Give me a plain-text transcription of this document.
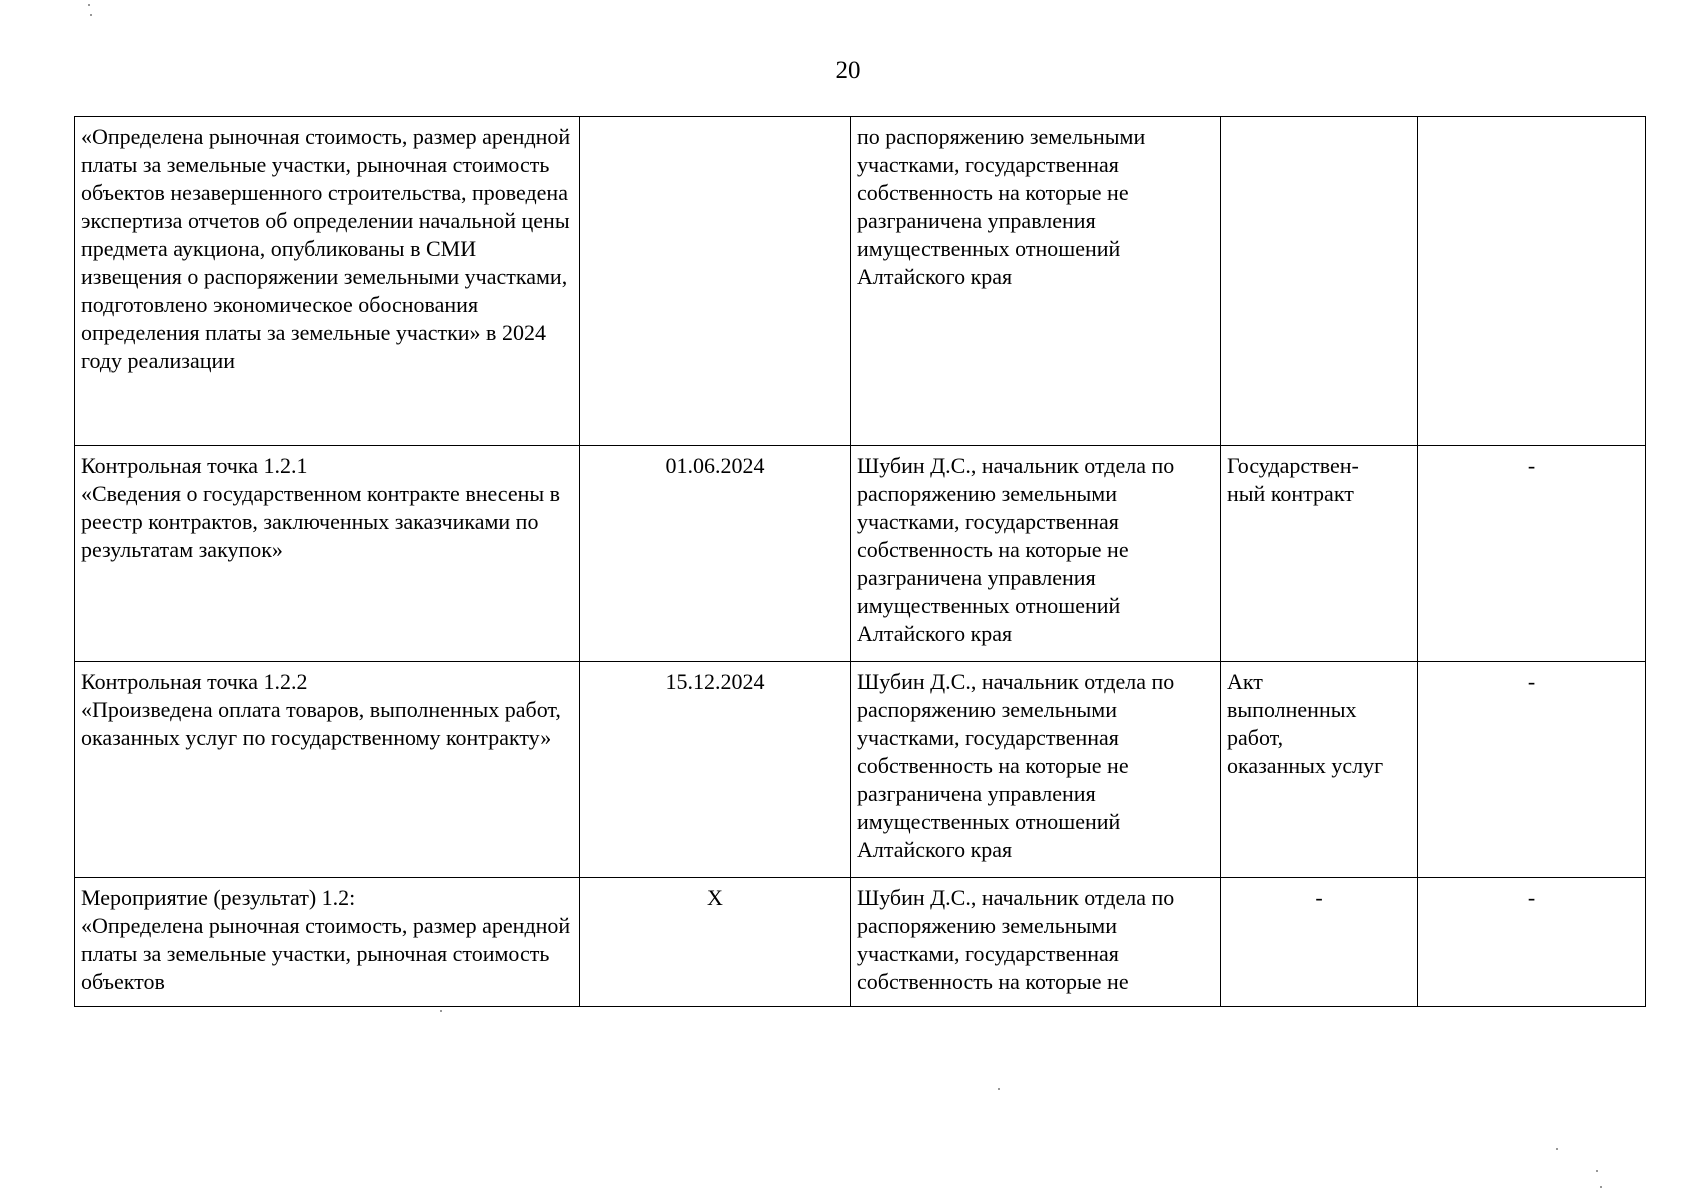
20
«Определена рыночная стоимость, размер арендной платы за земельные участки, рыночная стоимость объектов незавершенного строительства, проведена экспертиза отчетов об определении начальной цены предмета аукциона, опубликованы в СМИ извещения о распоряжении земельными участками, подготовлено экономическое обоснования определения платы за земельные участки» в 2024 году реализации		по распоряжению земельными участками, государственная собственность на которые не разграничена управления имущественных отношений Алтайского края		
Контрольная точка 1.2.1
«Сведения о государственном контракте внесены в реестр контрактов, заключенных заказчиками по результатам закупок»	01.06.2024	Шубин Д.С., начальник отдела по распоряжению земельными участками, государственная собственность на которые не разграничена управления имущественных отношений Алтайского края	Государствен-
ный контракт	-
Контрольная точка 1.2.2
«Произведена оплата товаров, выполненных работ, оказанных услуг по государственному контракту»	15.12.2024	Шубин Д.С., начальник отдела по распоряжению земельными участками, государственная собственность на которые не разграничена управления имущественных отношений Алтайского края	Акт
выполненных
работ,
оказанных услуг	-
Мероприятие (результат) 1.2:
«Определена рыночная стоимость, размер арендной платы за земельные участки, рыночная стоимость объектов	Х	Шубин Д.С., начальник отдела по распоряжению земельными участками, государственная собственность на которые не	-	-
